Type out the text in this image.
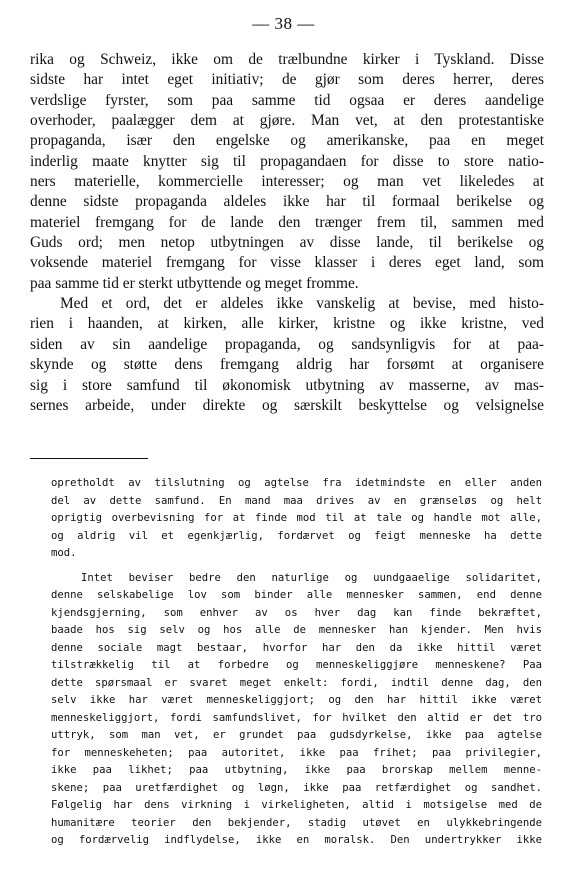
— 38 —
rika og Schweiz, ikke om de trælbundne kirker i Tyskland. Disse
sidste har intet eget initiativ; de gjør som deres herrer, deres
verdslige fyrster, som paa samme tid ogsaa er deres aandelige
overhoder, paalægger dem at gjøre. Man vet, at den protestantiske
propaganda, især den engelske og amerikanske, paa en meget
inderlig maate knytter sig til propagandaen for disse to store natio-
ners materielle, kommercielle interesser; og man vet likeledes at
denne sidste propaganda aldeles ikke har til formaal berikelse og
materiel fremgang for de lande den trænger frem til, sammen med
Guds ord; men netop utbytningen av disse lande, til berikelse og
voksende materiel fremgang for visse klasser i deres eget land, som
paa samme tid er sterkt utbyttende og meget fromme.
Med et ord, det er aldeles ikke vanskelig at bevise, med histo-
rien i haanden, at kirken, alle kirker, kristne og ikke kristne, ved
siden av sin aandelige propaganda, og sandsynligvis for at paa-
skynde og støtte dens fremgang aldrig har forsømt at organisere
sig i store samfund til økonomisk utbytning av masserne, av mas-
sernes arbeide, under direkte og særskilt beskyttelse og velsignelse
opretholdt av tilslutning og agtelse fra idetmindste en eller anden
del av dette samfund. En mand maa drives av en grænseløs og helt
oprigtig overbevisning for at finde mod til at tale og handle mot alle,
og aldrig vil et egenkjærlig, fordærvet og feigt menneske ha dette
mod.
Intet beviser bedre den naturlige og uundgaaelige solidaritet,
denne selskabelige lov som binder alle mennesker sammen, end denne
kjendsgjerning, som enhver av os hver dag kan finde bekræftet,
baade hos sig selv og hos alle de mennesker han kjender. Men hvis
denne sociale magt bestaar, hvorfor har den da ikke hittil været
tilstrækkelig til at forbedre og menneskeliggjøre menneskene? Paa
dette spørsmaal er svaret meget enkelt: fordi, indtil denne dag, den
selv ikke har været menneskeliggjort; og den har hittil ikke været
menneskeliggjort, fordi samfundslivet, for hvilket den altid er det tro
uttryk, som man vet, er grundet paa gudsdyrkelse, ikke paa agtelse
for menneskeheten; paa autoritet, ikke paa frihet; paa privilegier,
ikke paa likhet; paa utbytning, ikke paa brorskap mellem menne-
skene; paa uretfærdighet og løgn, ikke paa retfærdighet og sandhet.
Følgelig har dens virkning i virkeligheten, altid i motsigelse med de
humanitære teorier den bekjender, stadig utøvet en ulykkebringende
og fordærvelig indflydelse, ikke en moralsk. Den undertrykker ikke
